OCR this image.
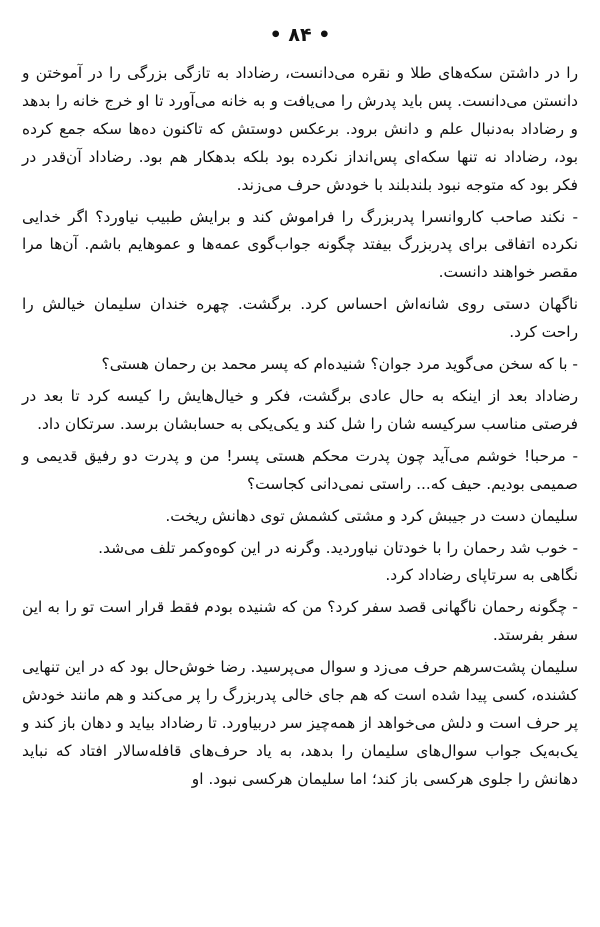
• ۸۴ •

را در داشتن سکه‌های طلا و نقره می‌دانست، رضاداد به تازگی بزرگی را در آموختن و دانستن می‌دانست. پس باید پدرش را می‌یافت و به خانه می‌آورد تا او خرج خانه را بدهد و رضاداد به‌دنبال علم و دانش برود. برعکس دوستش که تاکنون ده‌ها سکه جمع کرده بود، رضاداد نه تنها سکه‌ای پس‌انداز نکرده بود بلکه بدهکار هم بود. رضاداد آن‌قدر در فکر بود که متوجه نبود بلندبلند با خودش حرف می‌زند.

- نکند صاحب کاروانسرا پدربزرگ را فراموش کند و برایش طبیب نیاورد؟ اگر خدایی نکرده اتفاقی برای پدربزرگ بیفتد چگونه جواب‌گوی عمه‌ها و عموهایم باشم. آن‌ها مرا مقصر خواهند دانست.

ناگهان دستی روی شانه‌اش احساس کرد. برگشت. چهره خندان سلیمان خیالش را راحت کرد.

- با که سخن می‌گوید مرد جوان؟ شنیده‌ام که پسر محمد بن رحمان هستی؟

رضاداد بعد از اینکه به حال عادی برگشت، فکر و خیال‌هایش را کیسه کرد تا بعد در فرصتی مناسب سرکیسه شان را شل کند و یکی‌یکی به حسابشان برسد. سرتکان داد.

- مرحبا! خوشم می‌آید چون پدرت محکم هستی پسر! من و پدرت دو رفیق قدیمی و صمیمی بودیم. حیف که... راستی نمی‌دانی کجاست؟

سلیمان دست در جیبش کرد و مشتی کشمش توی دهانش ریخت.

- خوب شد رحمان را با خودتان نیاوردید. وگرنه در این کوه‌وکمر تلف می‌شد.

نگاهی به سرتاپای رضاداد کرد.

- چگونه رحمان ناگهانی قصد سفر کرد؟ من که شنیده بودم فقط قرار است تو را به این سفر بفرستد.

سلیمان پشت‌سرهم حرف می‌زد و سوال می‌پرسید. رضا خوش‌حال بود که در این تنهایی کشنده، کسی پیدا شده است که هم جای خالی پدربزرگ را پر می‌کند و هم مانند خودش پر حرف است و دلش می‌خواهد از همه‌چیز سر دربیاورد. تا رضاداد بیاید و دهان باز کند و یک‌به‌یک جواب سوال‌های سلیمان را بدهد، به یاد حرف‌های قافله‌سالار افتاد که نباید دهانش را جلوی هرکسی باز کند؛ اما سلیمان هرکسی نبود. او
